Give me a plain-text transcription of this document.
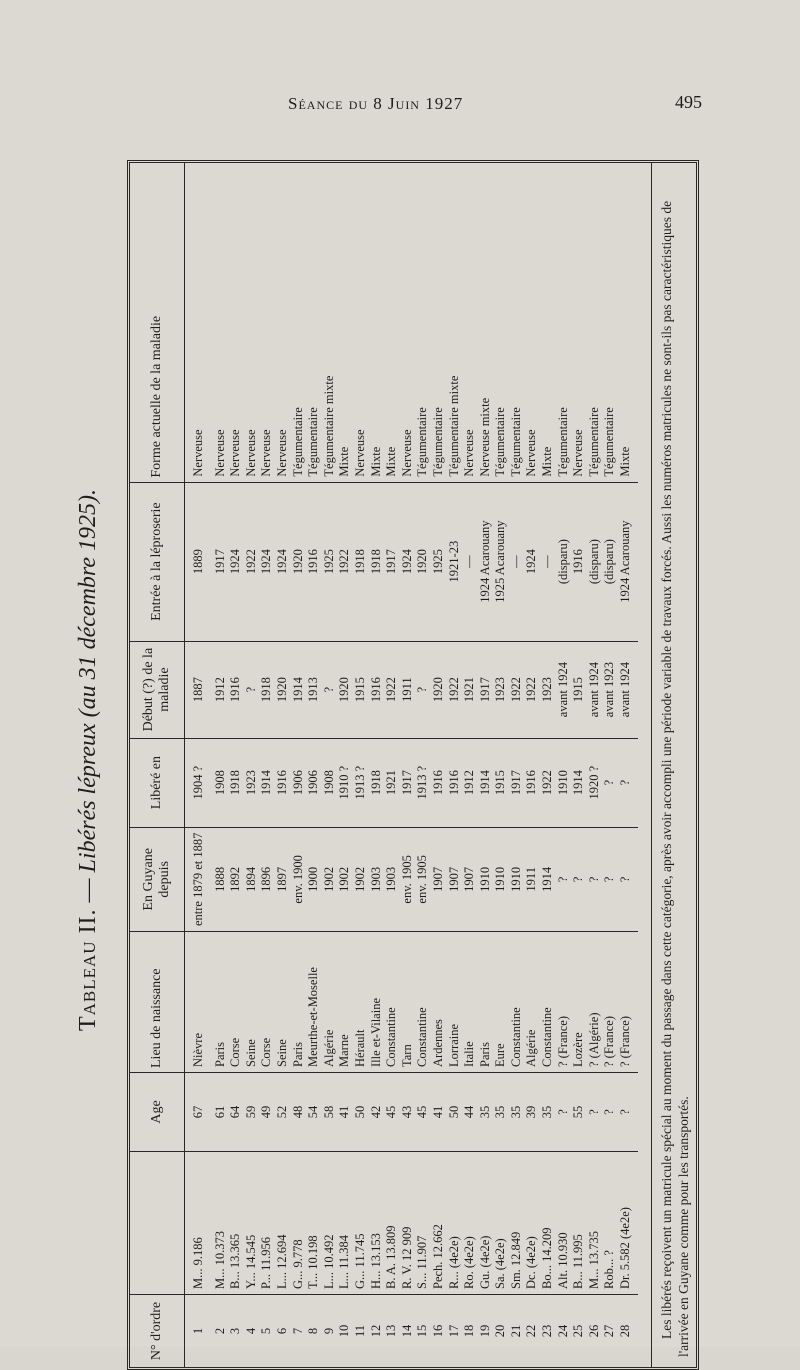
Séance du 8 Juin 1927	495
Tableau II. — Libérés lépreux (au 31 décembre 1925).
N° d'ordre		Age	Lieu de naissance	En Guyane depuis	Libéré en	Début (?) de la maladie	Entrée à la léproserie	Forme actuelle de la maladie
1	M... 9.186	67	Nièvre	entre 1879 et 1887	1904 ?	1887	1889	Nerveuse
2	M... 10.373	61	Paris	1888	1908	1912	1917	Nerveuse
3	B... 13.365	64	Corse	1892	1918	1916	1924	Nerveuse
4	Y... 14.545	59	Seine	1894	1923	?	1922	Nerveuse
5	P... 11.956	49	Corse	1896	1914	1918	1924	Nerveuse
6	L... 12.694	52	Seine	1897	1916	1920	1924	Nerveuse
7	G... 9.778	48	Paris	env. 1900	1906	1914	1920	Tégumentaire
8	T... 10.198	54	Meurthe-et-Moselle	1900	1906	1913	1916	Tégumentaire
9	L... 10.492	58	Algérie	1902	1908	?	1925	Tégumentaire mixte
10	L... 11.384	41	Marne	1902	1910 ?	1920	1922	Mixte
11	G... 11.745	50	Hérault	1902	1913 ?	1915	1918	Nerveuse
12	H... 13.153	42	Ille et-Vilaine	1903	1918	1916	1918	Mixte
13	B. A. 13.809	45	Constantine	1903	1921	1922	1917	Mixte
14	R. V. 12 909	43	Tarn	env. 1905	1917	1911	1924	Nerveuse
15	S... 11.907	45	Constantine	env. 1905	1913 ?	?	1920	Tégumentaire
16	Pech. 12.662	41	Ardennes	1907	1916	1920	1925	Tégumentaire
17	R... (4e2e)	50	Lorraine	1907	1916	1922	1921-23	Tégumentaire mixte
18	Ro. (4e2e)	44	Italie	1907	1912	1921	—	Nerveuse
19	Gu. (4e2e)	35	Paris	1910	1914	1917	1924 Acarouany	Nerveuse mixte
20	Sa. (4e2e)	35	Eure	1910	1915	1923	1925 Acarouany	Tégumentaire
21	Sm. 12.849	35	Constantine	1910	1917	1922	—	Tégumentaire
22	Dc. (4e2e)	39	Algérie	1911	1916	1922	1924	Nerveuse
23	Bo... 14.209	35	Constantine	1914	1922	1923	—	Mixte
24	Alt. 10.930	?	? (France)	?	1910	avant 1924	(disparu)	Tégumentaire
25	B... 11.995	55	Lozère	?	1914	1915	1916	Nerveuse
26	M... 13.735	?	? (Algérie)	?	1920 ?	avant 1924	(disparu)	Tégumentaire
27	Rob... ?	?	? (France)	?	?	avant 1923	(disparu)	Tégumentaire
28	Dr. 5.582 (4e2e)	?	? (France)	?	?	avant 1924	1924 Acarouany	Mixte	Les libérés reçoivent un matricule spécial au moment du passage dans cette catégorie, après avoir accompli une période variable de travaux forcés. Aussi les numéros matricules ne sont-ils pas caractéristiques de l'arrivée en Guyane comme pour les transportés.
